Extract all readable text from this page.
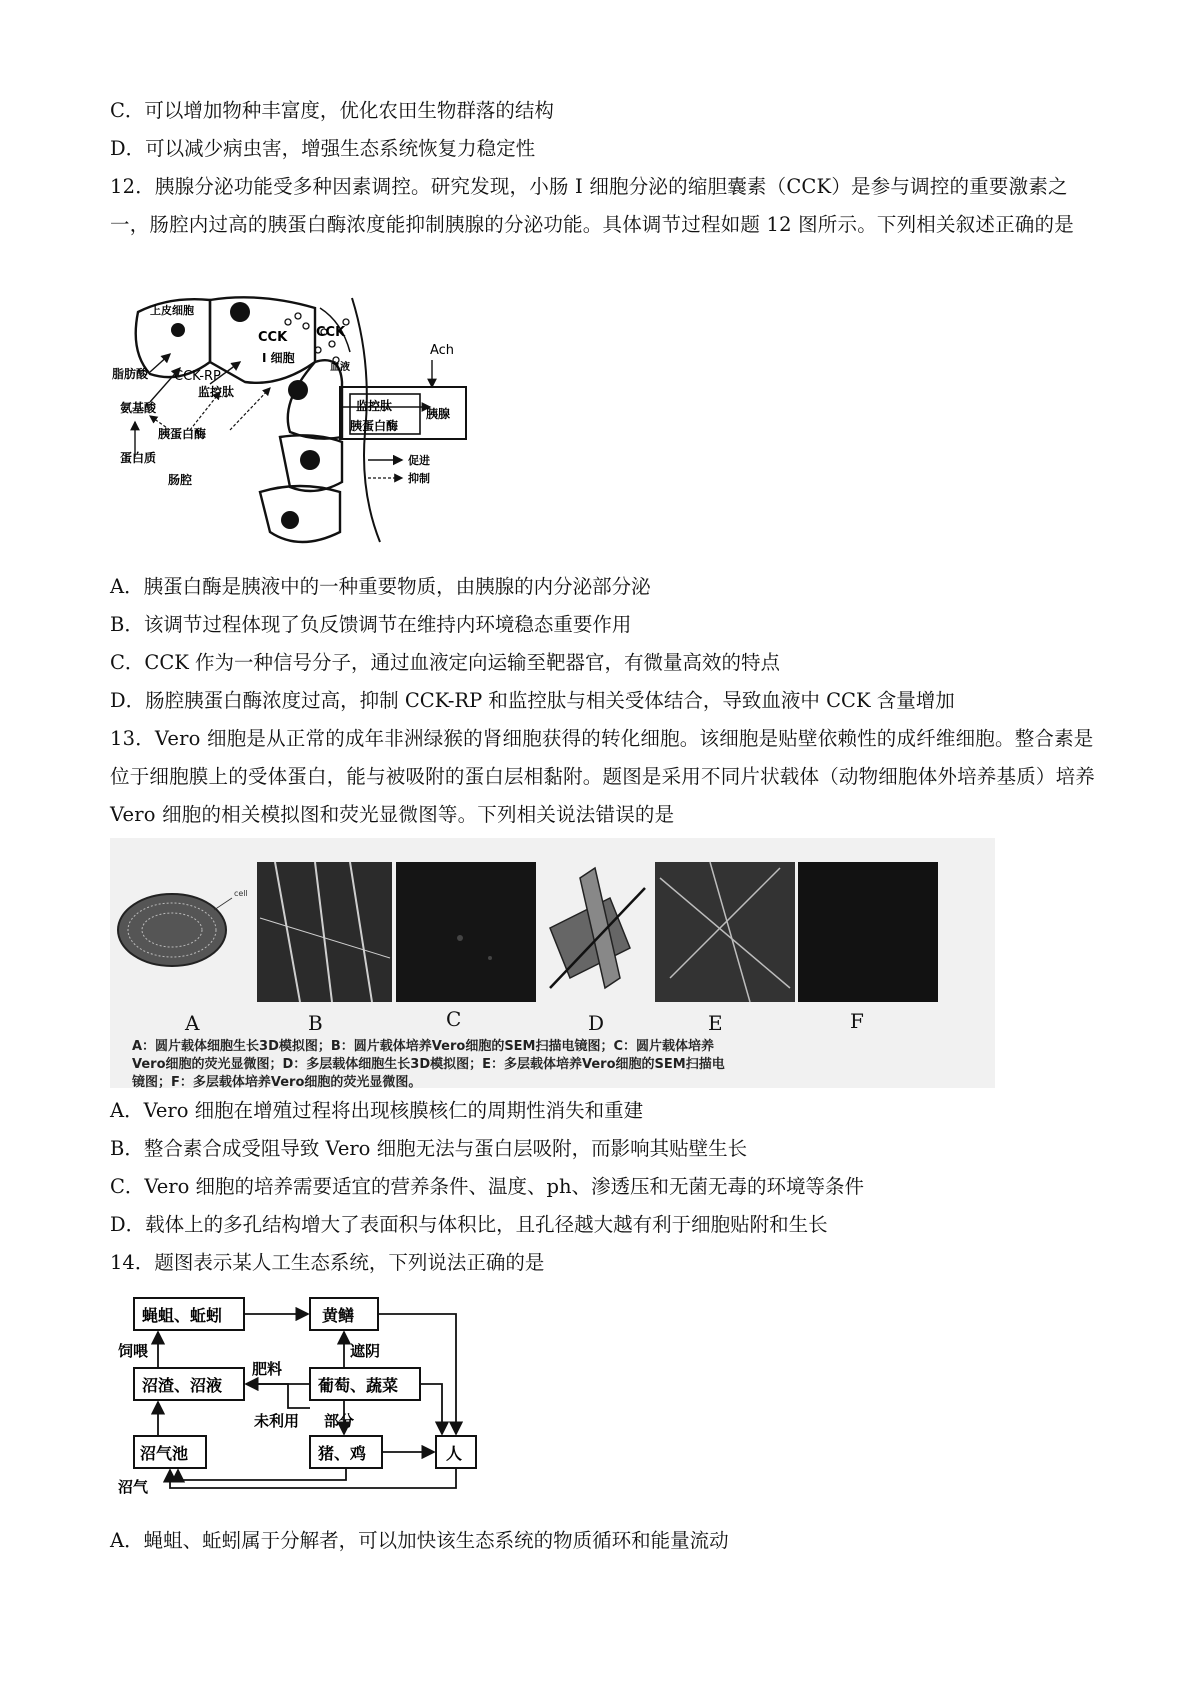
C．可以增加物种丰富度，优化农田生物群落的结构
D．可以减少病虫害，增强生态系统恢复力稳定性
12．胰腺分泌功能受多种因素调控。研究发现，小肠 I 细胞分泌的缩胆囊素（CCK）是参与调控的重要激素之一，肠腔内过高的胰蛋白酶浓度能抑制胰腺的分泌功能。具体调节过程如题 12 图所示。下列相关叙述正确的是
上皮细胞
CCK CCK
I 细胞
血液
Ach
脂肪酸 CCK-RP
监控肽
氨基酸
胰蛋白酶
蛋白质
肠腔
监控肽
胰蛋白酶
胰腺
促进
抑制
A．胰蛋白酶是胰液中的一种重要物质，由胰腺的内分泌部分泌
B．该调节过程体现了负反馈调节在维持内环境稳态重要作用
C．CCK 作为一种信号分子，通过血液定向运输至靶器官，有微量高效的特点
D．肠腔胰蛋白酶浓度过高，抑制 CCK-RP 和监控肽与相关受体结合，导致血液中 CCK 含量增加
13．Vero 细胞是从正常的成年非洲绿猴的肾细胞获得的转化细胞。该细胞是贴壁依赖性的成纤维细胞。整合素是位于细胞膜上的受体蛋白，能与被吸附的蛋白层相黏附。题图是采用不同片状载体（动物细胞体外培养基质）培养 Vero 细胞的相关模拟图和荧光显微图等。下列相关说法错误的是
cell
A	B	C	D	E	F
A：圆片载体细胞生长3D模拟图；B：圆片载体培养Vero细胞的SEM扫描电镜图；C：圆片载体培养
Vero细胞的荧光显微图；D：多层载体细胞生长3D模拟图；E：多层载体培养Vero细胞的SEM扫描电
镜图；F：多层载体培养Vero细胞的荧光显微图。
A．Vero 细胞在增殖过程将出现核膜核仁的周期性消失和重建
B．整合素合成受阻导致 Vero 细胞无法与蛋白层吸附，而影响其贴壁生长
C．Vero 细胞的培养需要适宜的营养条件、温度、ph、渗透压和无菌无毒的环境等条件
D．载体上的多孔结构增大了表面积与体积比，且孔径越大越有利于细胞贴附和生长
14．题图表示某人工生态系统，下列说法正确的是
蝇蛆、蚯蚓	黄鳝
沼渣、沼液	葡萄、蔬菜
沼气池	猪、鸡	人
饲喂	遮阴
肥料
未利用 部分
沼气
A．蝇蛆、蚯蚓属于分解者，可以加快该生态系统的物质循环和能量流动
